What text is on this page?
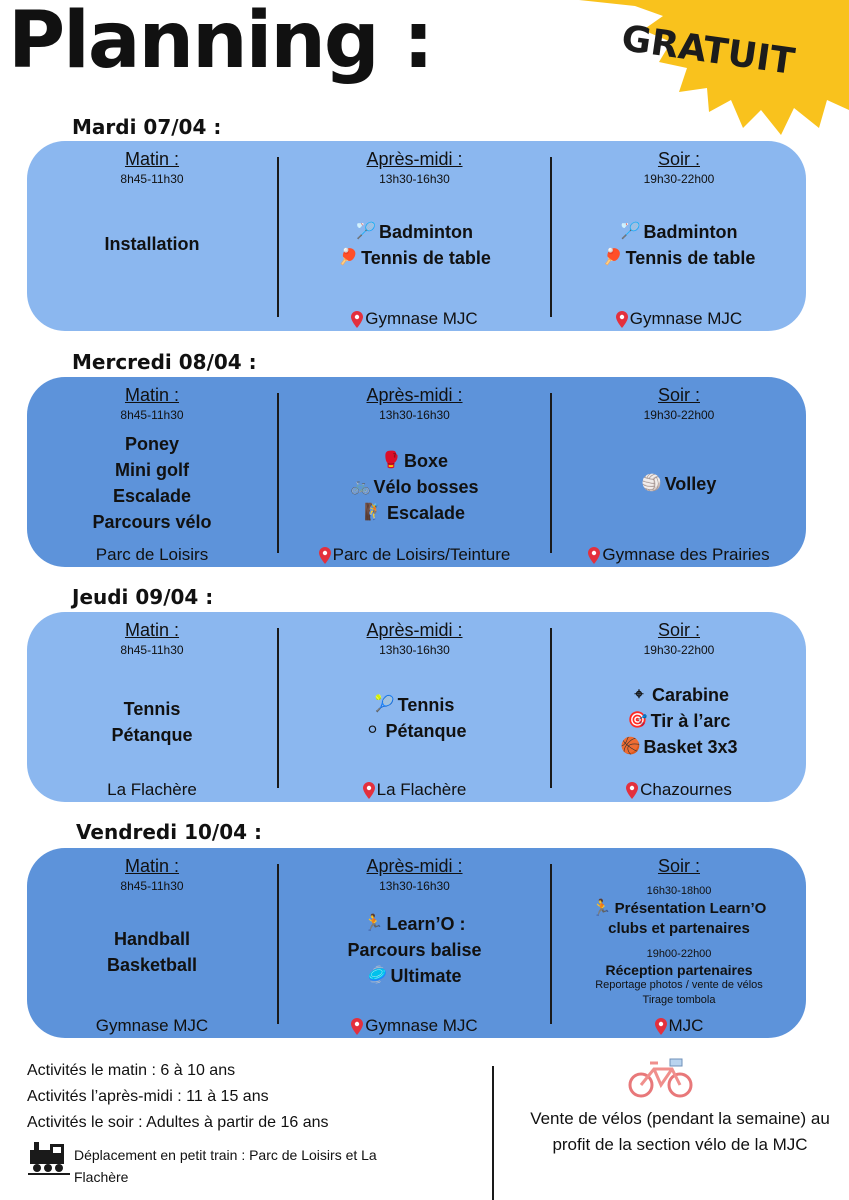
Planning :	GRATUIT
Mardi 07/04 :
Matin :
8h45-11h30
Installation
Après-midi :
13h30-16h30
🏸 Badminton
🏓 Tennis de table
Gymnase MJC
Soir :
19h30-22h00
🏸 Badminton
🏓 Tennis de table
Gymnase MJC
Mercredi 08/04 :
Matin :
8h45-11h30
Poney
Mini golf
Escalade
Parcours vélo
Parc de Loisirs
Après-midi :
13h30-16h30
🥊 Boxe
🚲 Vélo bosses
🧗 Escalade
Parc de Loisirs/Teinture
Soir :
19h30-22h00
🏐 Volley
Gymnase des Prairies
Jeudi 09/04 :
Matin :
8h45-11h30
Tennis
Pétanque
La Flachère
Après-midi :
13h30-16h30
🎾 Tennis
⚪ Pétanque
La Flachère
Soir :
19h30-22h00
⌖ Carabine
🎯 Tir à l’arc
🏀 Basket 3x3
Chazournes
Vendredi 10/04 :
Matin :
8h45-11h30
Handball
Basketball
Gymnase MJC
Après-midi :
13h30-16h30
🏃 Learn’O :
Parcours balise
🥏 Ultimate
Gymnase MJC
Soir :
16h30-18h00
🏃 Présentation Learn’O
clubs et partenaires
19h00-22h00
Réception partenaires
Reportage photos / vente de vélos
Tirage tombola
MJC
Activités le matin : 6 à 10 ans
Activités l’après-midi : 11 à 15 ans
Activités le soir : Adultes à partir de 16 ans
Déplacement en petit train : Parc de Loisirs et La Flachère
Vente de vélos (pendant la semaine) au profit de la section vélo de la MJC
